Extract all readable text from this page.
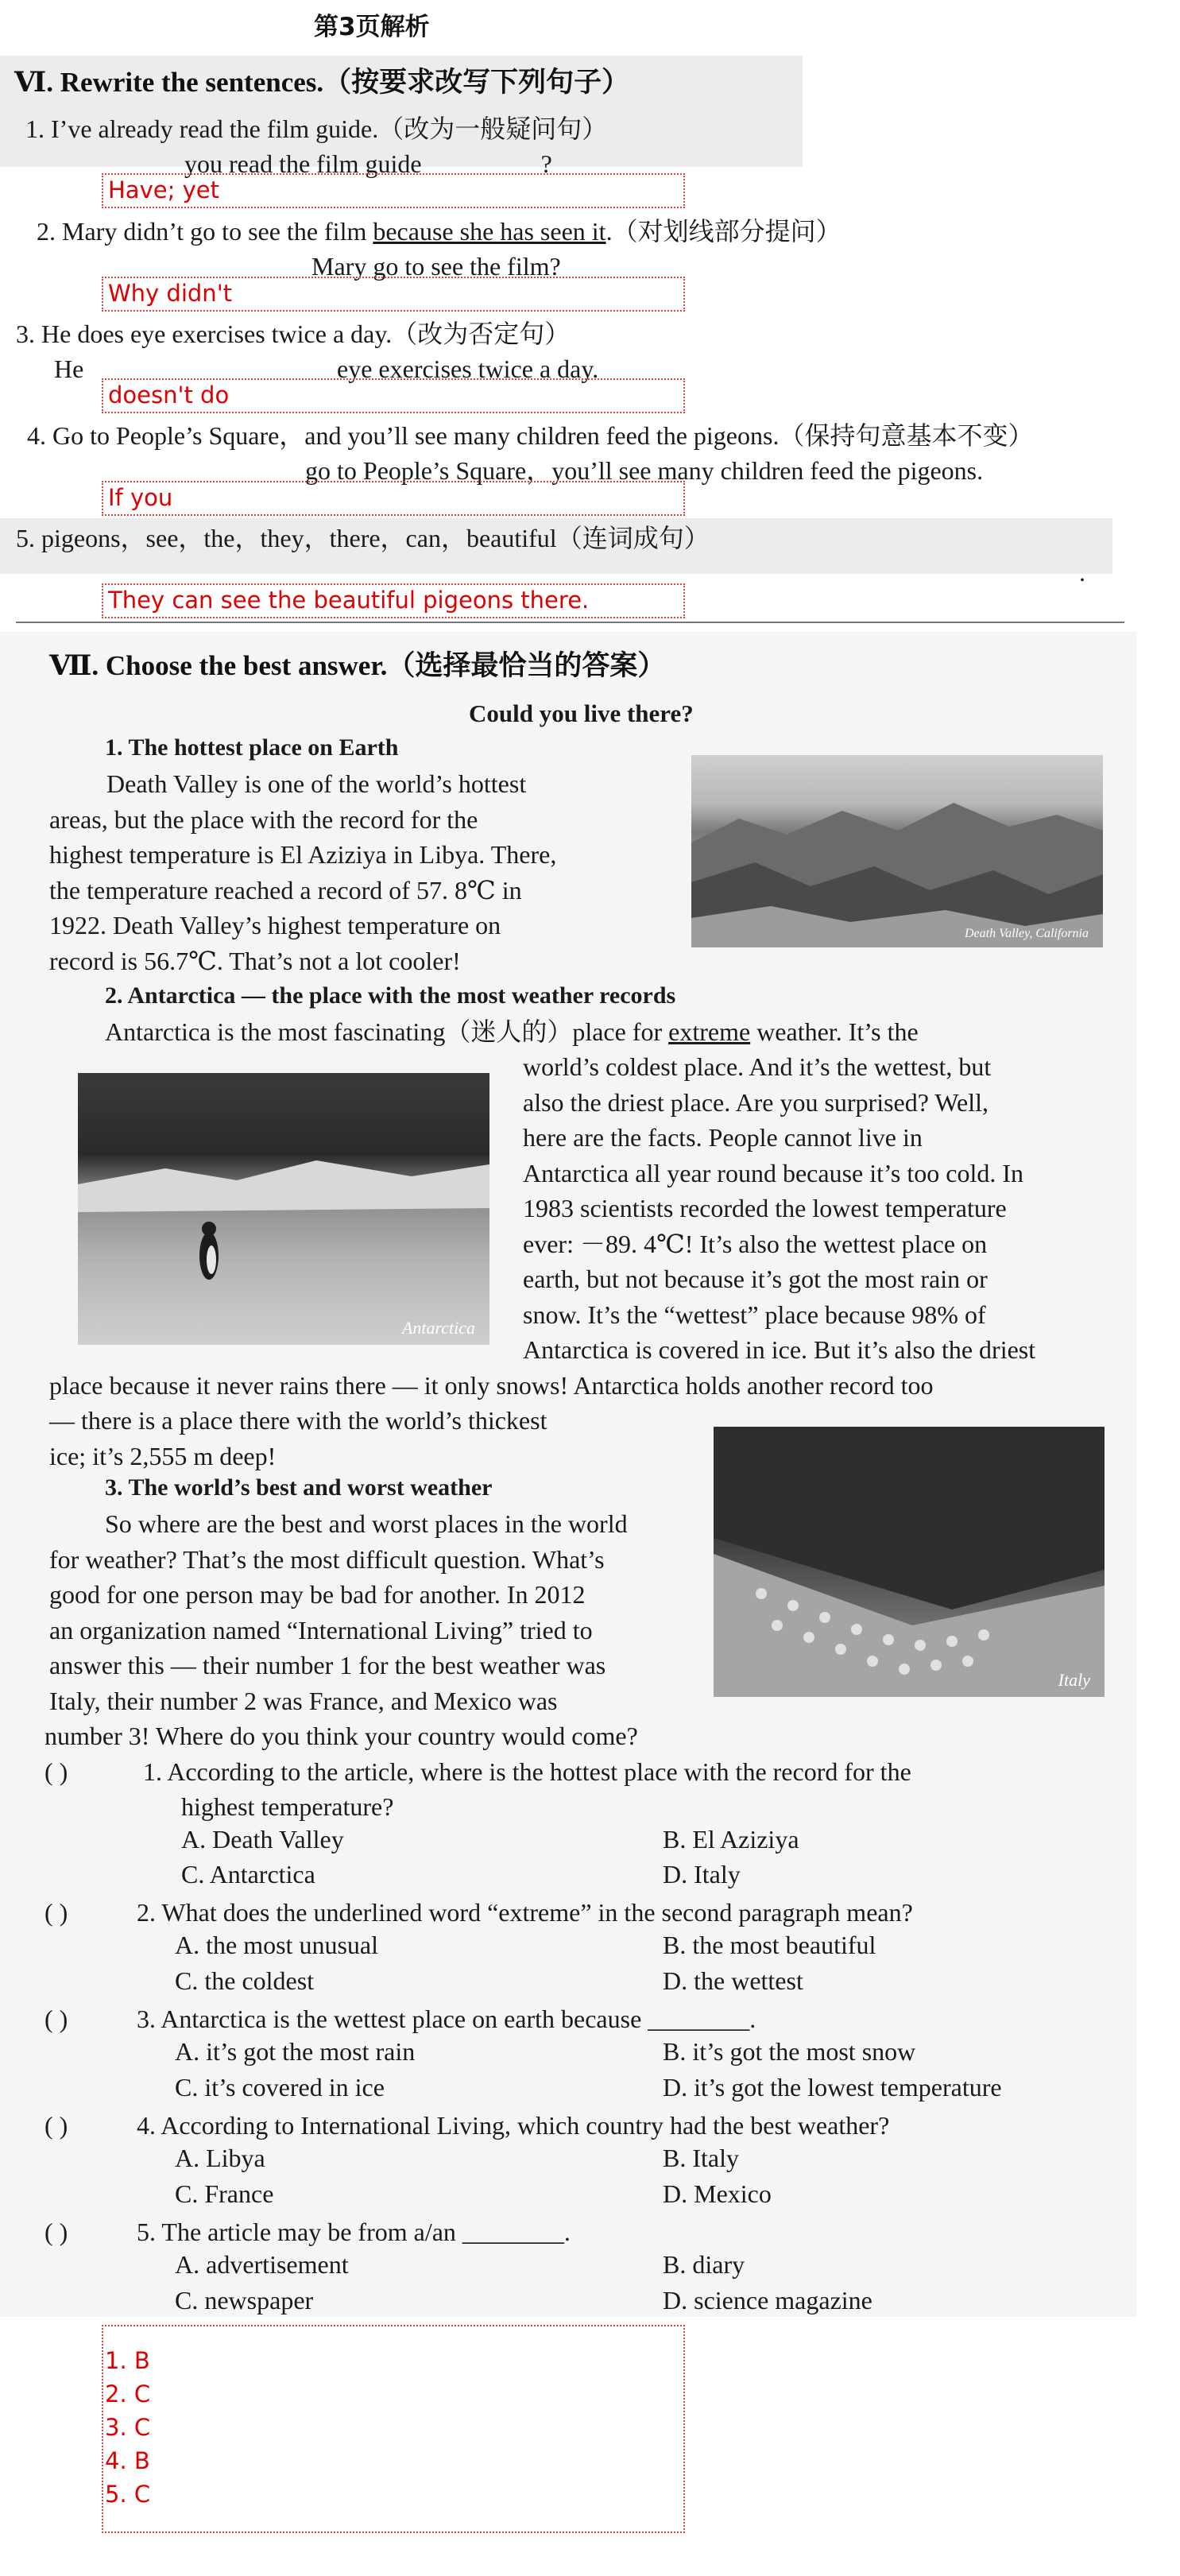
第3页解析
Ⅵ. Rewrite the sentences.（按要求改写下列句子）
1. I’ve already read the film guide.（改为一般疑问句）
you read the film guide	?
Have; yet
2. Mary didn’t go to see the film because she has seen it.（对划线部分提问）
Mary go to see the film?
Why didn't
3. He does eye exercises twice a day.（改为否定句）
He	eye exercises twice a day.
doesn't do
4. Go to People’s Square，and you’ll see many children feed the pigeons.（保持句意基本不变）
go to People’s Square，you’ll see many children feed the pigeons.
If you
5. pigeons，see，the，they，there，can，beautiful（连词成句）
.
They can see the beautiful pigeons there.
Ⅶ. Choose the best answer.（选择最恰当的答案）
Could you live there?
1. The hottest place on Earth
Death Valley is one of the world’s hottest
areas, but the place with the record for the
highest temperature is El Aziziya in Libya. There,
the temperature reached a record of 57. 8℃ in
1922. Death Valley’s highest temperature on
record is 56.7℃. That’s not a lot cooler!
Death Valley, California
2. Antarctica — the place with the most weather records
Antarctica is the most fascinating（迷人的）place for extreme weather. It’s the
Antarctica
world’s coldest place. And it’s the wettest, but
also the driest place. Are you surprised? Well,
here are the facts. People cannot live in
Antarctica all year round because it’s too cold. In
1983 scientists recorded the lowest temperature
ever: －89. 4℃! It’s also the wettest place on
earth, but not because it’s got the most rain or
snow. It’s the “wettest” place because 98% of
Antarctica is covered in ice. But it’s also the driest
place because it never rains there — it only snows! Antarctica holds another record too
— there is a place there with the world’s thickest
ice; it’s 2,555 m deep!
Italy
3. The world’s best and worst weather
So where are the best and worst places in the world
for weather? That’s the most difficult question. What’s
good for one person may be bad for another. In 2012
an organization named “International Living” tried to
answer this — their number 1 for the best weather was
Italy, their number 2 was France, and Mexico was
number 3! Where do you think your country would come?
( )	1. According to the article, where is the hottest place with the record for the
highest temperature?
A. Death Valley	B. El Aziziya
C. Antarctica	D. Italy
( )	2. What does the underlined word “extreme” in the second paragraph mean?
A. the most unusual	B. the most beautiful
C. the coldest	D. the wettest
( )	3. Antarctica is the wettest place on earth because ________.
A. it’s got the most rain	B. it’s got the most snow
C. it’s covered in ice	D. it’s got the lowest temperature
( )	4. According to International Living, which country had the best weather?
A. Libya	B. Italy
C. France	D. Mexico
( )	5. The article may be from a/an ________.
A. advertisement	B. diary
C. newspaper	D. science magazine
1. B
2. C
3. C
4. B
5. C
